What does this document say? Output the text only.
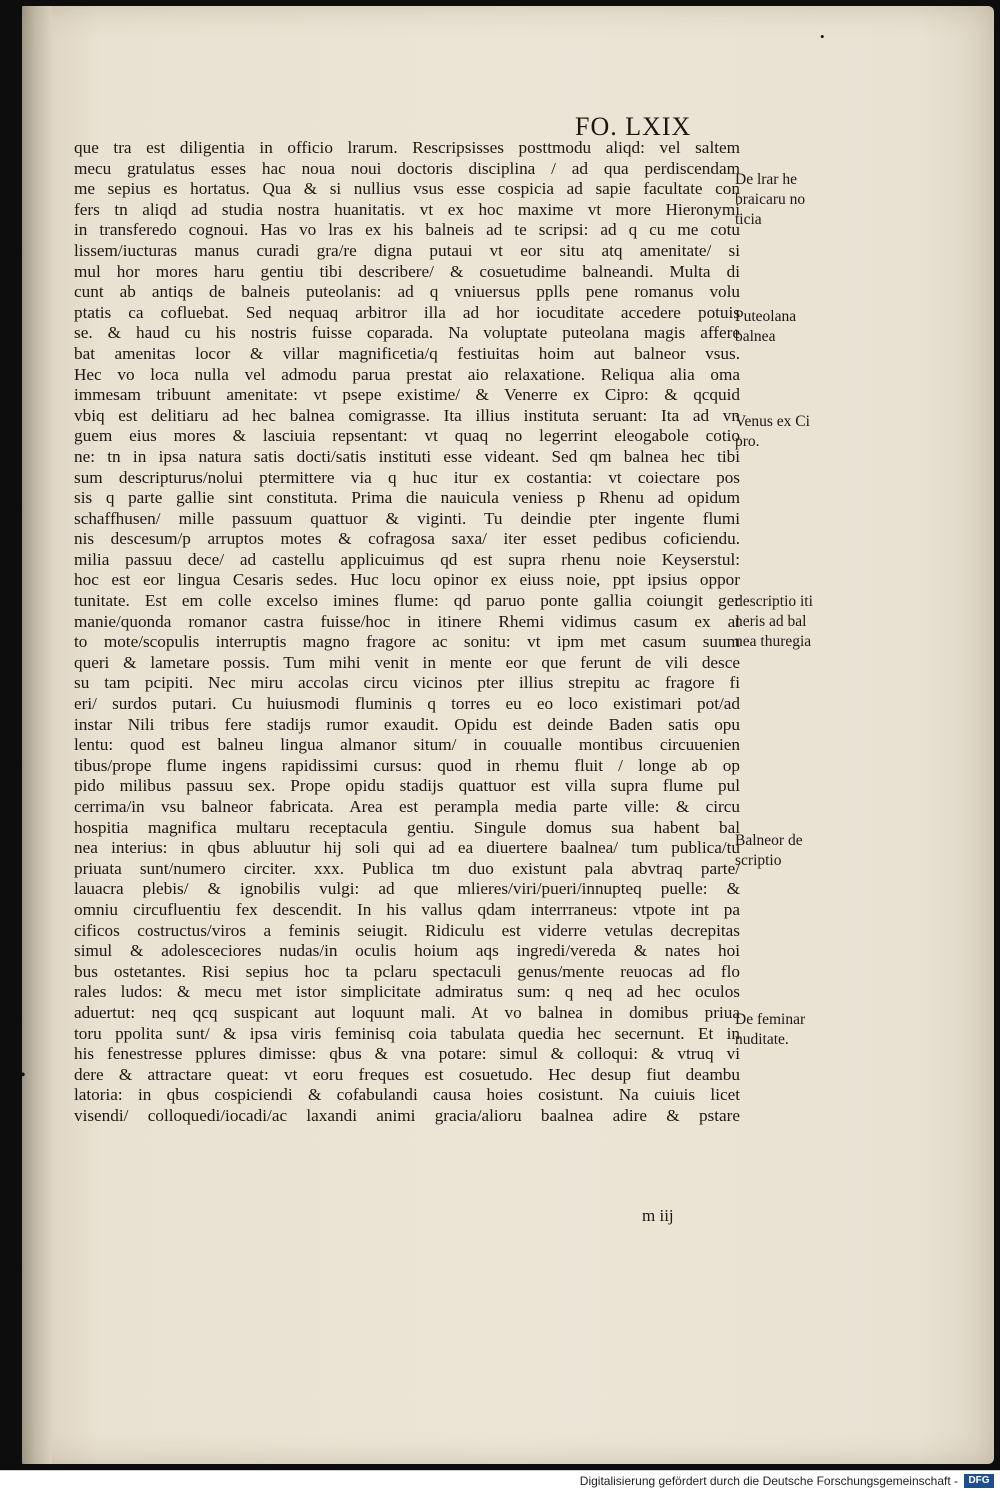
FO. LXIX
que tra est diligentia in officio lrarum. Rescripsisses posttmodu aliqd: vel saltem
mecu gratulatus esses hac noua noui doctoris disciplina / ad qua perdiscendam
me sepius es hortatus. Qua & si nullius vsus esse cospicia ad sapie facultate con
fers tn aliqd ad studia nostra huanitatis. vt ex hoc maxime vt more Hieronymi
in transferedo cognoui. Has vo lras ex his balneis ad te scripsi: ad q cu me cotu
lissem/iucturas manus curadi gra/re digna putaui vt eor situ atq amenitate/ si
mul hor mores haru gentiu tibi describere/ & cosuetudime balneandi. Multa di
cunt ab antiqs de balneis puteolanis: ad q vniuersus pplls pene romanus volu
ptatis ca cofluebat. Sed nequaq arbitror illa ad hor iocuditate accedere potuis
se. & haud cu his nostris fuisse coparada. Na voluptate puteolana magis affere
bat amenitas locor & villar magnificetia/q festiuitas hoim aut balneor vsus.
Hec vo loca nulla vel admodu parua prestat aio relaxatione. Reliqua alia oma
immesam tribuunt amenitate: vt psepe existime/ & Venerre ex Cipro: & qcquid
vbiq est delitiaru ad hec balnea comigrasse. Ita illius instituta seruant: Ita ad vn
guem eius mores & lasciuia repsentant: vt quaq no legerrint eleogabole cotio
ne: tn in ipsa natura satis docti/satis instituti esse videant. Sed qm balnea hec tibi
sum descripturus/nolui ptermittere via q huc itur ex costantia: vt coiectare pos
sis q parte gallie sint constituta. Prima die nauicula veniess p Rhenu ad opidum
schaffhusen/ mille passuum quattuor & viginti. Tu deindie pter ingente flumi
nis descesum/p arruptos motes & cofragosa saxa/ iter esset pedibus coficiendu.
milia passuu dece/ ad castellu applicuimus qd est supra rhenu noie Keyserstul:
hoc est eor lingua Cesaris sedes. Huc locu opinor ex eiuss noie, ppt ipsius oppor
tunitate. Est em colle excelso imines flume: qd paruo ponte gallia coiungit ger
manie/quonda romanor castra fuisse/hoc in itinere Rhemi vidimus casum ex al
to mote/scopulis interruptis magno fragore ac sonitu: vt ipm met casum suum
queri & lametare possis. Tum mihi venit in mente eor que ferunt de vili desce
su tam pcipiti. Nec miru accolas circu vicinos pter illius strepitu ac fragore fi
eri/ surdos putari. Cu huiusmodi fluminis q torres eu eo loco existimari pot/ad
instar Nili tribus fere stadijs rumor exaudit. Opidu est deinde Baden satis opu
lentu: quod est balneu lingua almanor situm/ in couualle montibus circuuenien
tibus/prope flume ingens rapidissimi cursus: quod in rhemu fluit / longe ab op
pido milibus passuu sex. Prope opidu stadijs quattuor est villa supra flume pul
cerrima/in vsu balneor fabricata. Area est perampla media parte ville: & circu
hospitia magnifica multaru receptacula gentiu. Singule domus sua habent bal
nea interius: in qbus abluutur hij soli qui ad ea diuertere baalnea/ tum publica/tu
priuata sunt/numero circiter. xxx. Publica tm duo existunt pala abvtraq parte/
lauacra plebis/ & ignobilis vulgi: ad que mlieres/viri/pueri/innupteq puelle: &
omniu circufluentiu fex descendit. In his vallus qdam interrraneus: vtpote int pa
cificos costructus/viros a feminis seiugit. Ridiculu est viderre vetulas decrepitas
simul & adolesceciores nudas/in oculis hoium aqs ingredi/vereda & nates hoi
bus ostetantes. Risi sepius hoc ta pclaru spectaculi genus/mente reuocas ad flo
rales ludos: & mecu met istor simplicitate admiratus sum: q neq ad hec oculos
aduertut: neq qcq suspicant aut loquunt mali. At vo balnea in domibus priua
toru ppolita sunt/ & ipsa viris feminisq coia tabulata quedia hec secernunt. Et in
his fenestresse pplures dimisse: qbus & vna potare: simul & colloqui: & vtruq vi
dere & attractare queat: vt eoru freques est cosuetudo. Hec desup fiut deambu
latoria: in qbus cospiciendi & cofabulandi causa hoies cosistunt. Na cuiuis licet
visendi/ colloquedi/iocadi/ac laxandi animi gracia/alioru baalnea adire & pstare
m iij
De lrar he
braicaru no
ticia
Puteolana
balnea
Venus ex Ci
pro.
descriptio iti
neris ad bal
nea thuregia
Balneor de
scriptio
De feminar
nuditate.
•
•
Digitalisierung gefördert durch die Deutsche Forschungsgemeinschaft -	DFG
